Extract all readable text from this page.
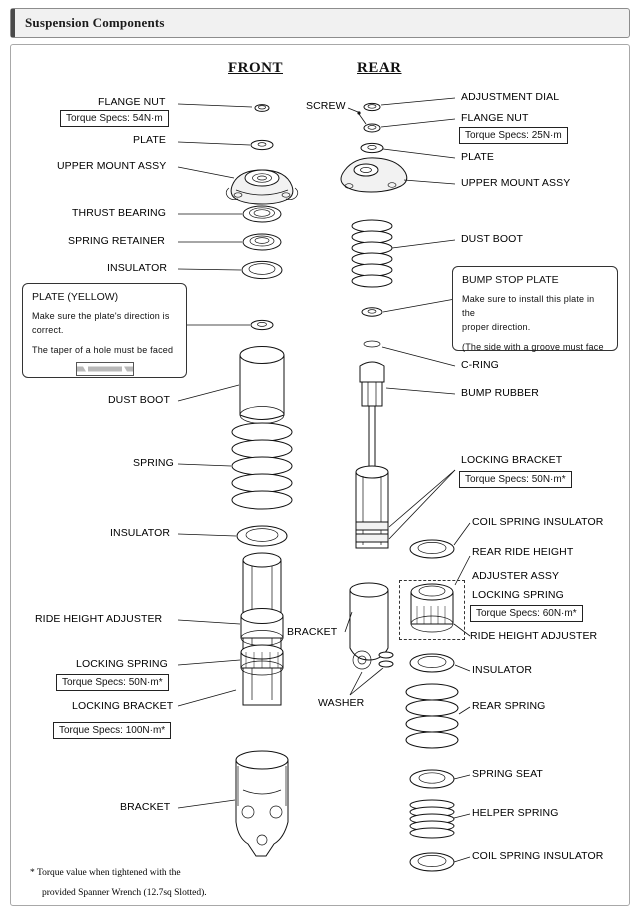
Suspension Components
FRONT	REAR
FLANGE NUT
Torque Specs: 54N·m
PLATE
UPPER MOUNT ASSY
THRUST BEARING
SPRING RETAINER
INSULATOR
DUST BOOT
SPRING
INSULATOR
RIDE HEIGHT ADJUSTER
LOCKING SPRING
Torque Specs: 50N·m*
LOCKING BRACKET
Torque Specs: 100N·m*
BRACKET
PLATE (YELLOW)
Make sure the plate's direction is
correct.
The taper of a hole must be faced
SCREW
ADJUSTMENT DIAL
FLANGE NUT
Torque Specs: 25N·m
PLATE
UPPER MOUNT ASSY
DUST BOOT
C-RING
BUMP RUBBER
LOCKING BRACKET
Torque Specs: 50N·m*
COIL SPRING INSULATOR
REAR RIDE HEIGHT
ADJUSTER ASSY
LOCKING SPRING
Torque Specs: 60N·m*
RIDE HEIGHT ADJUSTER
INSULATOR
REAR SPRING
SPRING SEAT
HELPER SPRING
COIL SPRING INSULATOR
BRACKET
WASHER
BUMP STOP PLATE
Make sure to install this plate in the
proper direction.
(The side with a groove must face
* Torque value when tightened with the
provided Spanner Wrench (12.7sq Slotted).
